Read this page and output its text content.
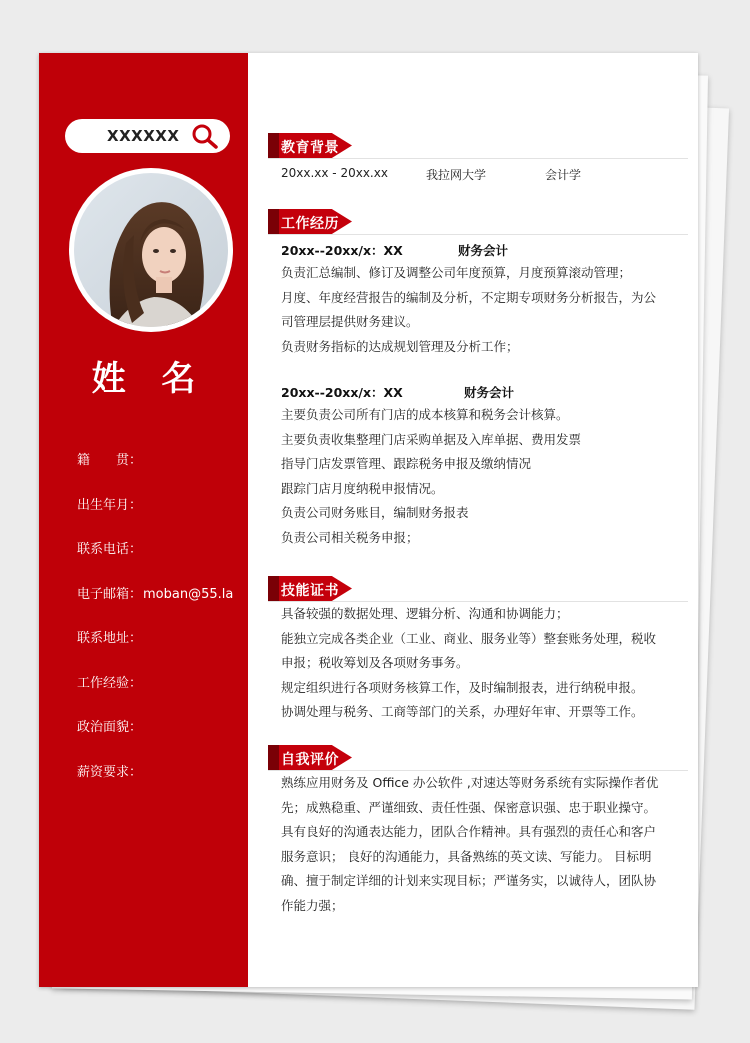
XXXXXX
姓 名
籍　　贯：
出生年月：
联系电话：
电子邮箱：moban@55.la
联系地址：
工作经验：
政治面貌：
薪资要求：
教育背景
20xx.xx - 20xx.xx	我拉网大学	会计学
工作经历
20xx--20xx/x：XX	财务会计
负责汇总编制、修订及调整公司年度预算，月度预算滚动管理；
月度、年度经营报告的编制及分析，不定期专项财务分析报告，为公
司管理层提供财务建议。
负责财务指标的达成规划管理及分析工作；
20xx--20xx/x：XX	财务会计
主要负责公司所有门店的成本核算和税务会计核算。
主要负责收集整理门店采购单据及入库单据、费用发票
指导门店发票管理、跟踪税务申报及缴纳情况
跟踪门店月度纳税申报情况。
负责公司财务账目，编制财务报表
负责公司相关税务申报；
技能证书
具备较强的数据处理、逻辑分析、沟通和协调能力；
能独立完成各类企业（工业、商业、服务业等）整套账务处理，税收
申报；税收筹划及各项财务事务。
规定组织进行各项财务核算工作，及时编制报表，进行纳税申报。
协调处理与税务、工商等部门的关系，办理好年审、开票等工作。
自我评价
熟练应用财务及 Office 办公软件 ,对速达等财务系统有实际操作者优
先；成熟稳重、严谨细致、责任性强、保密意识强、忠于职业操守。
具有良好的沟通表达能力，团队合作精神。具有强烈的责任心和客户
服务意识； 良好的沟通能力，具备熟练的英文读、写能力。 目标明
确、擅于制定详细的计划来实现目标；严谨务实，以诚待人，团队协
作能力强；
